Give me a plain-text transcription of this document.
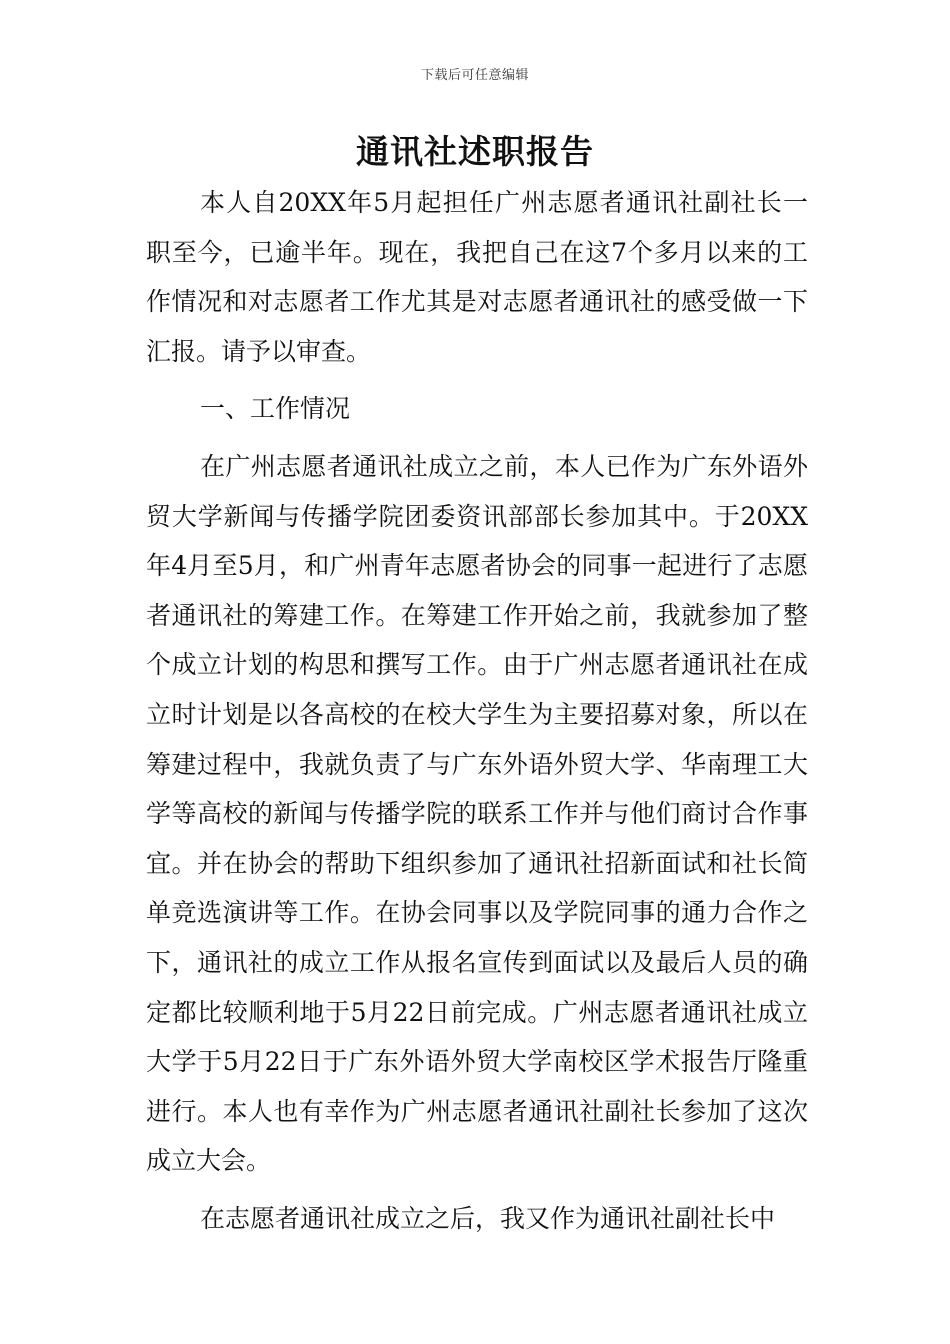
下载后可任意编辑
通讯社述职报告

本人自20XX年5月起担任广州志愿者通讯社副社长一职至今，已逾半年。现在，我把自己在这7个多月以来的工作情况和对志愿者工作尤其是对志愿者通讯社的感受做一下汇报。请予以审查。

一、工作情况

在广州志愿者通讯社成立之前，本人已作为广东外语外贸大学新闻与传播学院团委资讯部部长参加其中。于20XX年4月至5月，和广州青年志愿者协会的同事一起进行了志愿者通讯社的筹建工作。在筹建工作开始之前，我就参加了整个成立计划的构思和撰写工作。由于广州志愿者通讯社在成立时计划是以各高校的在校大学生为主要招募对象，所以在筹建过程中，我就负责了与广东外语外贸大学、华南理工大学等高校的新闻与传播学院的联系工作并与他们商讨合作事宜。并在协会的帮助下组织参加了通讯社招新面试和社长简单竞选演讲等工作。在协会同事以及学院同事的通力合作之下，通讯社的成立工作从报名宣传到面试以及最后人员的确定都比较顺利地于5月22日前完成。广州志愿者通讯社成立大学于5月22日于广东外语外贸大学南校区学术报告厅隆重进行。本人也有幸作为广州志愿者通讯社副社长参加了这次成立大会。

在志愿者通讯社成立之后，我又作为通讯社副社长中
